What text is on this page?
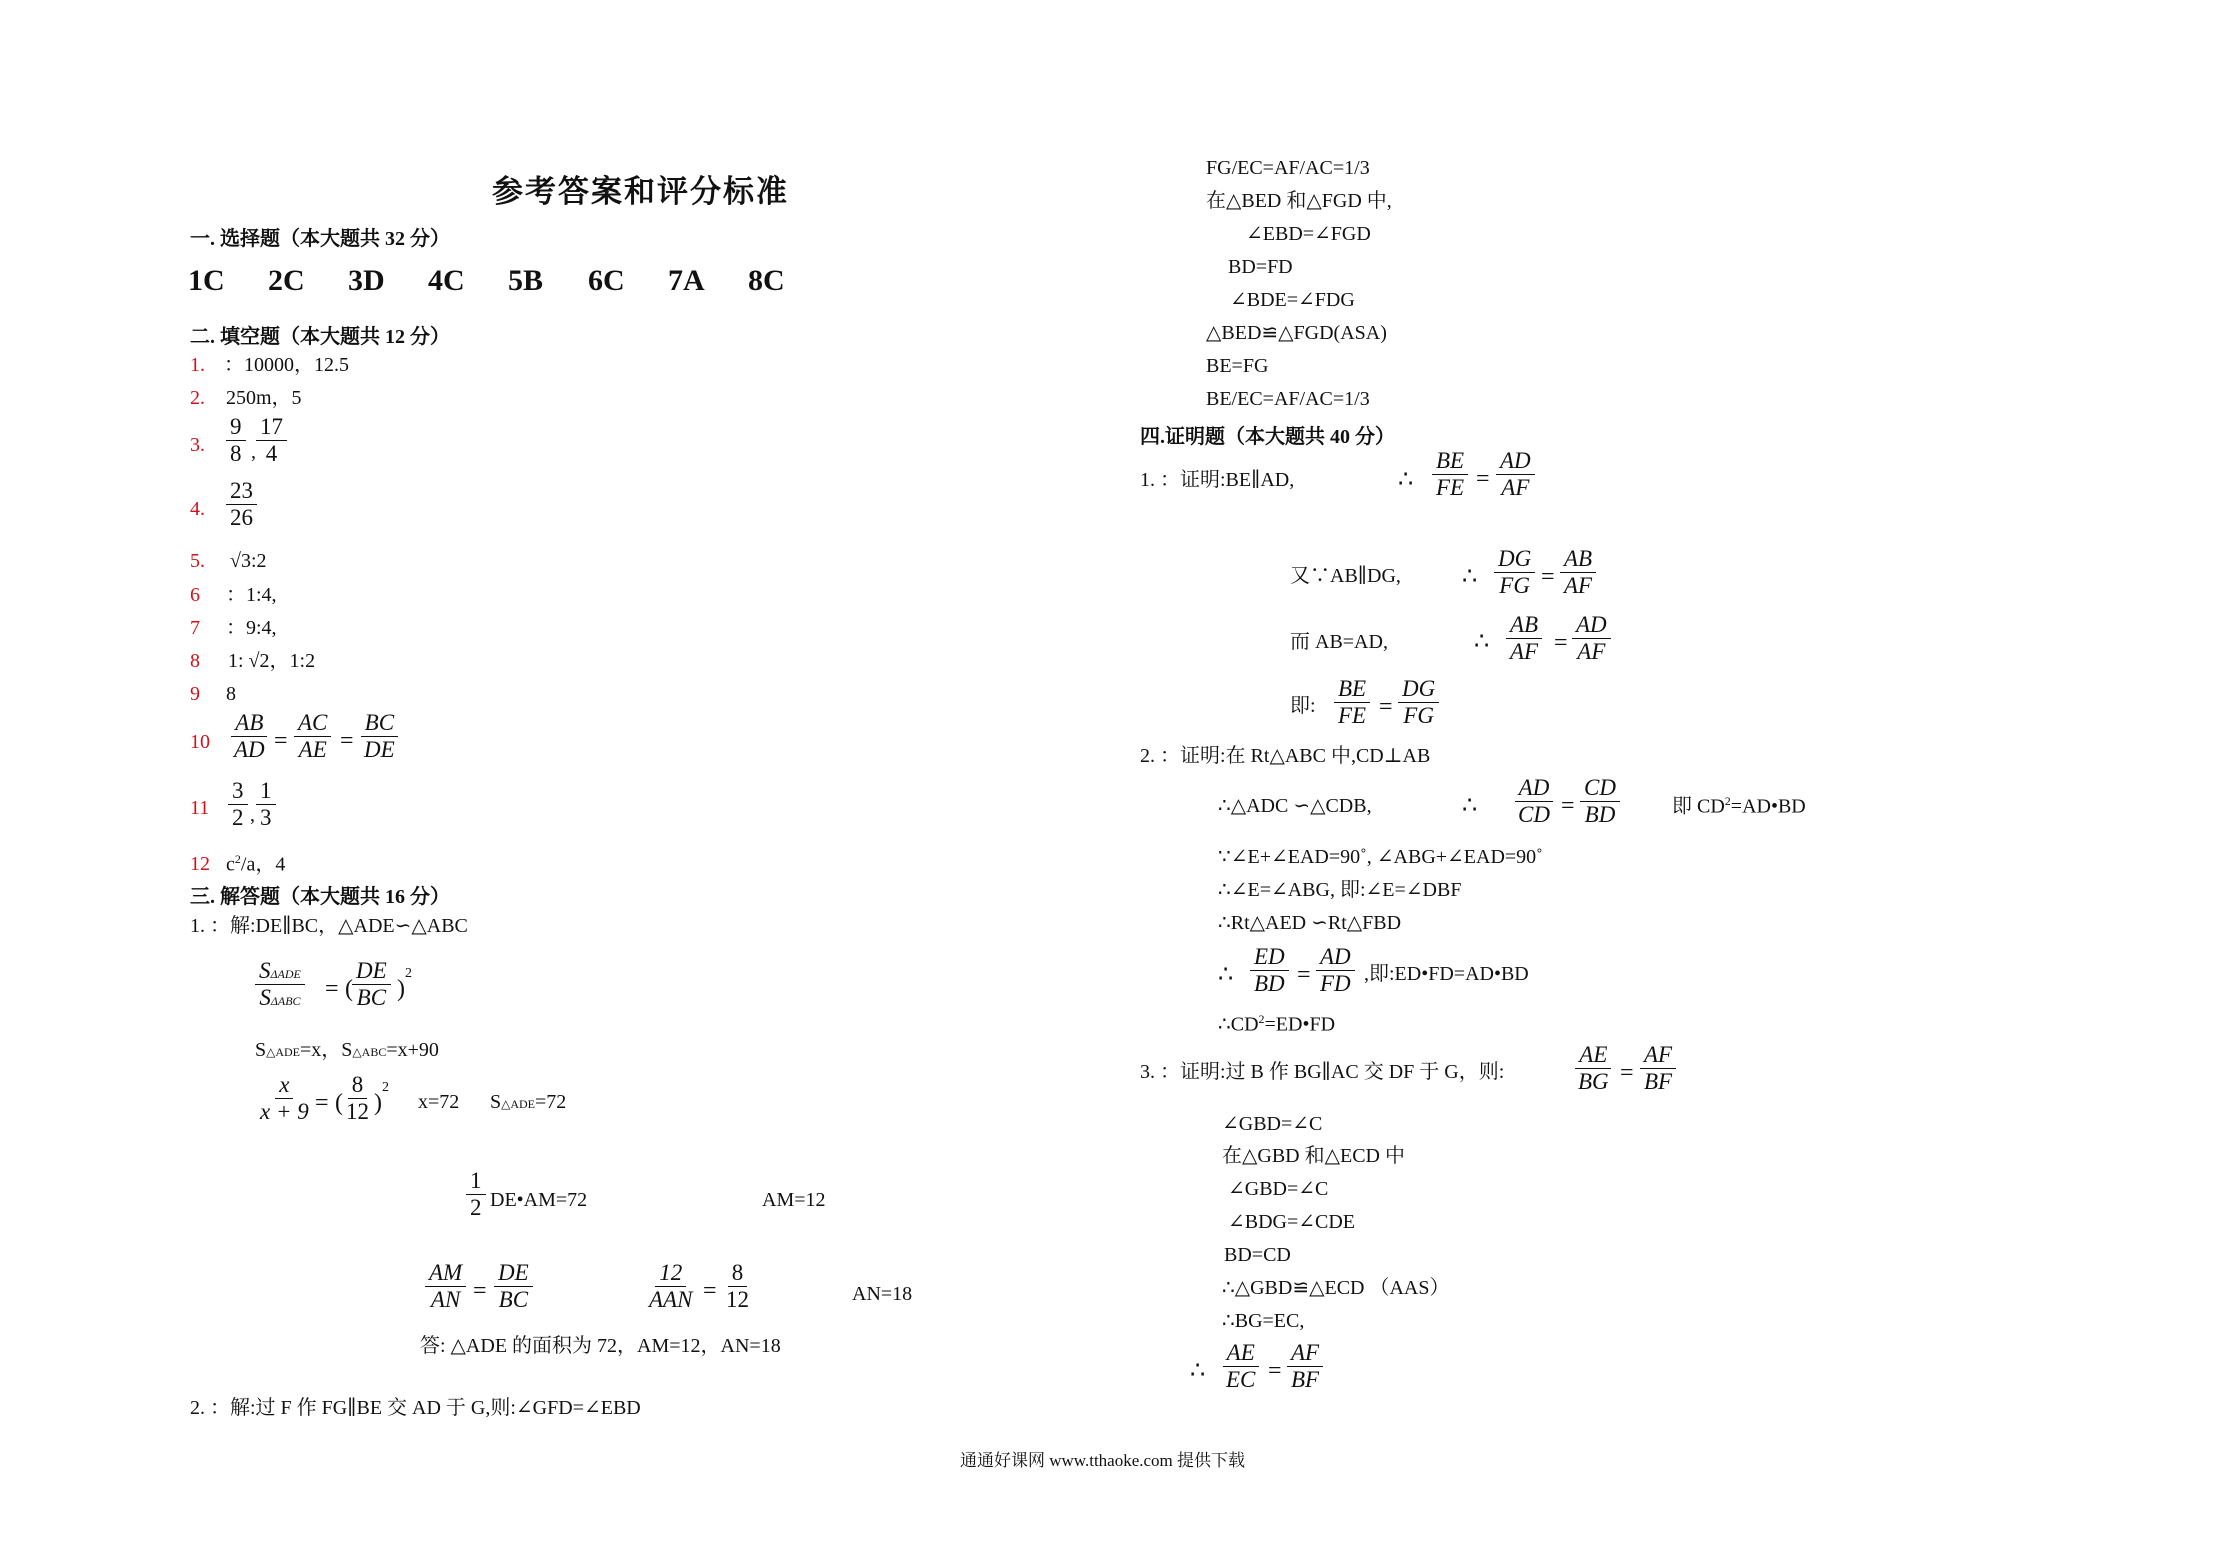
参考答案和评分标准
一. 选择题（本大题共 32 分）
1C 2C 3D 4C 5B 6C 7A 8C
二. 填空题（本大题共 12 分）
1. ：10000，12.5
2. 250m，5
3. $\frac{9}{8}$ , $\frac{17}{4}$
4. $\frac{23}{26}$
5. √3:2
6 ：1:4,
7 ：9:4,
8 1: √2，1:2
9 8
$10 \frac{AB}{AD} = \frac{AC}{AE} = \frac{BC}{DE}$
$11 \frac{3}{2}$ , $\frac{1}{3}$
12 $c^2/a$，4
三. 解答题（本大题共 16 分）
1. ：解:DE∥BC，△ADE∽△ABC
SΔADE
SΔABC = ( $\frac{DE}{BC}$ )
2
S△ADE=x，S△ABC=x+90
$\frac{x}{x + 9}$ = ( $\frac{8}{12}$ )
2
x=72 S△ADE=72
$\frac{1}{2}$ DE•AM=72	AM=12
$\frac{AM}{AN} = \frac{DE}{BC}$	12
AAN = $\frac{8}{12}$	AN=18
答: △ADE 的面积为 72，AM=12，AN=18
2. ：解:过 F 作 FG∥BE 交 AD 于 G,则:∠GFD=∠EBD
FG/EC=AF/AC=1/3
在△BED 和△FGD 中,
∠EBD=∠FGD
BD=FD
∠BDE=∠FDG
△BED≌△FGD(ASA)
BE=FG
BE/EC=AF/AC=1/3
四.证明题（本大题共 40 分）
1. ：证明:BE∥AD,	∴ $\frac{BE}{FE} = \frac{AD}{AF}$
又∵AB∥DG,	∴ $\frac{DG}{FG} = \frac{AB}{AF}$
而 AB=AD,	∴ $\frac{AB}{AF} = \frac{AD}{AF}$
即: $\frac{BE}{FE} = \frac{DG}{FG}$
2. ：证明:在 Rt△ABC 中,CD⊥AB
∴△ADC ∽△CDB,	∴ $\frac{AD}{CD} = \frac{CD}{BD}$	即 $CD^2=AD•BD$
∵∠E+∠EAD=90˚, ∠ABG+∠EAD=90˚
∴∠E=∠ABG, 即:∠E=∠DBF
∴Rt△AED ∽Rt△FBD
∴ $\frac{ED}{BD} = \frac{AD}{FD}$ ,即:ED•FD=AD•BD
$\therefore CD^2=ED•FD$
3. ：证明:过 B 作 BG∥AC 交 DF 于 G，则:	$\frac{AE}{BG} = \frac{AF}{BF}$
∠GBD=∠C
在△GBD 和△ECD 中
∠GBD=∠C
∠BDG=∠CDE
BD=CD
∴△GBD≌△ECD （AAS）
∴BG=EC,
∴ $\frac{AE}{EC} = \frac{AF}{BF}$
通通好课网 www.tthaoke.com 提供下载
